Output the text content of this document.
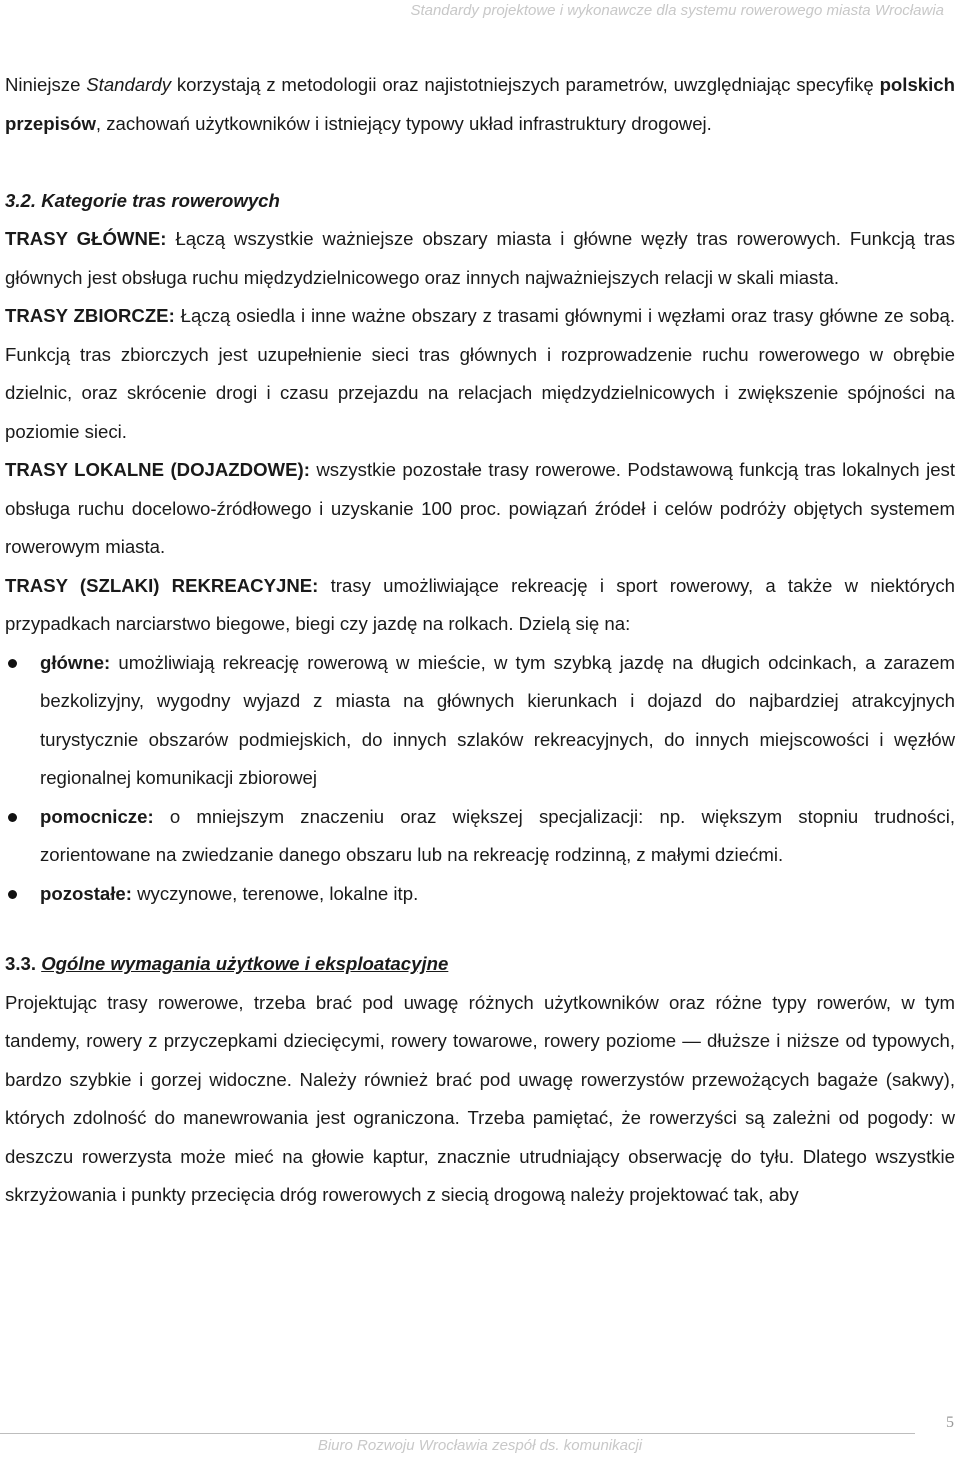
Standardy projektowe i wykonawcze dla systemu rowerowego miasta Wrocławia

Niniejsze Standardy korzystają z metodologii oraz najistotniejszych parametrów, uwzględniając specyfikę polskich przepisów, zachowań użytkowników i istniejący typowy układ infrastruktury drogowej.

3.2. Kategorie tras rowerowych

TRASY GŁÓWNE: Łączą wszystkie ważniejsze obszary miasta i główne węzły tras rowerowych. Funkcją tras głównych jest obsługa ruchu międzydzielnicowego oraz innych najważniejszych relacji w skali miasta.

TRASY ZBIORCZE: Łączą osiedla i inne ważne obszary z trasami głównymi i węzłami oraz trasy główne ze sobą. Funkcją tras zbiorczych jest uzupełnienie sieci tras głównych i rozprowadzenie ruchu rowerowego w obrębie dzielnic, oraz skrócenie drogi i czasu przejazdu na relacjach międzydzielnicowych i zwiększenie spójności na poziomie sieci.

TRASY LOKALNE (DOJAZDOWE): wszystkie pozostałe trasy rowerowe. Podstawową funkcją tras lokalnych jest obsługa ruchu docelowo-źródłowego i uzyskanie 100 proc. powiązań źródeł i celów podróży objętych systemem rowerowym miasta.

TRASY (SZLAKI) REKREACYJNE: trasy umożliwiające rekreację i sport rowerowy, a także w niektórych przypadkach narciarstwo biegowe, biegi czy jazdę na rolkach. Dzielą się na:

główne: umożliwiają rekreację rowerową w mieście, w tym szybką jazdę na długich odcinkach, a zarazem bezkolizyjny, wygodny wyjazd z miasta na głównych kierunkach i dojazd do najbardziej atrakcyjnych turystycznie obszarów podmiejskich, do innych szlaków rekreacyjnych, do innych miejscowości i węzłów regionalnej komunikacji zbiorowej
pomocnicze: o mniejszym znaczeniu oraz większej specjalizacji: np. większym stopniu trudności, zorientowane na zwiedzanie danego obszaru lub na rekreację rodzinną, z małymi dziećmi.
pozostałe: wyczynowe, terenowe, lokalne itp.

3.3. Ogólne wymagania użytkowe i eksploatacyjne

Projektując trasy rowerowe, trzeba brać pod uwagę różnych użytkowników oraz różne typy rowerów, w tym tandemy, rowery z przyczepkami dziecięcymi, rowery towarowe, rowery poziome — dłuższe i niższe od typowych, bardzo szybkie i gorzej widoczne. Należy również brać pod uwagę rowerzystów przewożących bagaże (sakwy), których zdolność do manewrowania jest ograniczona. Trzeba pamiętać, że rowerzyści są zależni od pogody: w deszczu rowerzysta może mieć na głowie kaptur, znacznie utrudniający obserwację do tyłu. Dlatego wszystkie skrzyżowania i punkty przecięcia dróg rowerowych z siecią drogową należy projektować tak, aby

5
Biuro Rozwoju Wrocławia zespół ds. komunikacji
